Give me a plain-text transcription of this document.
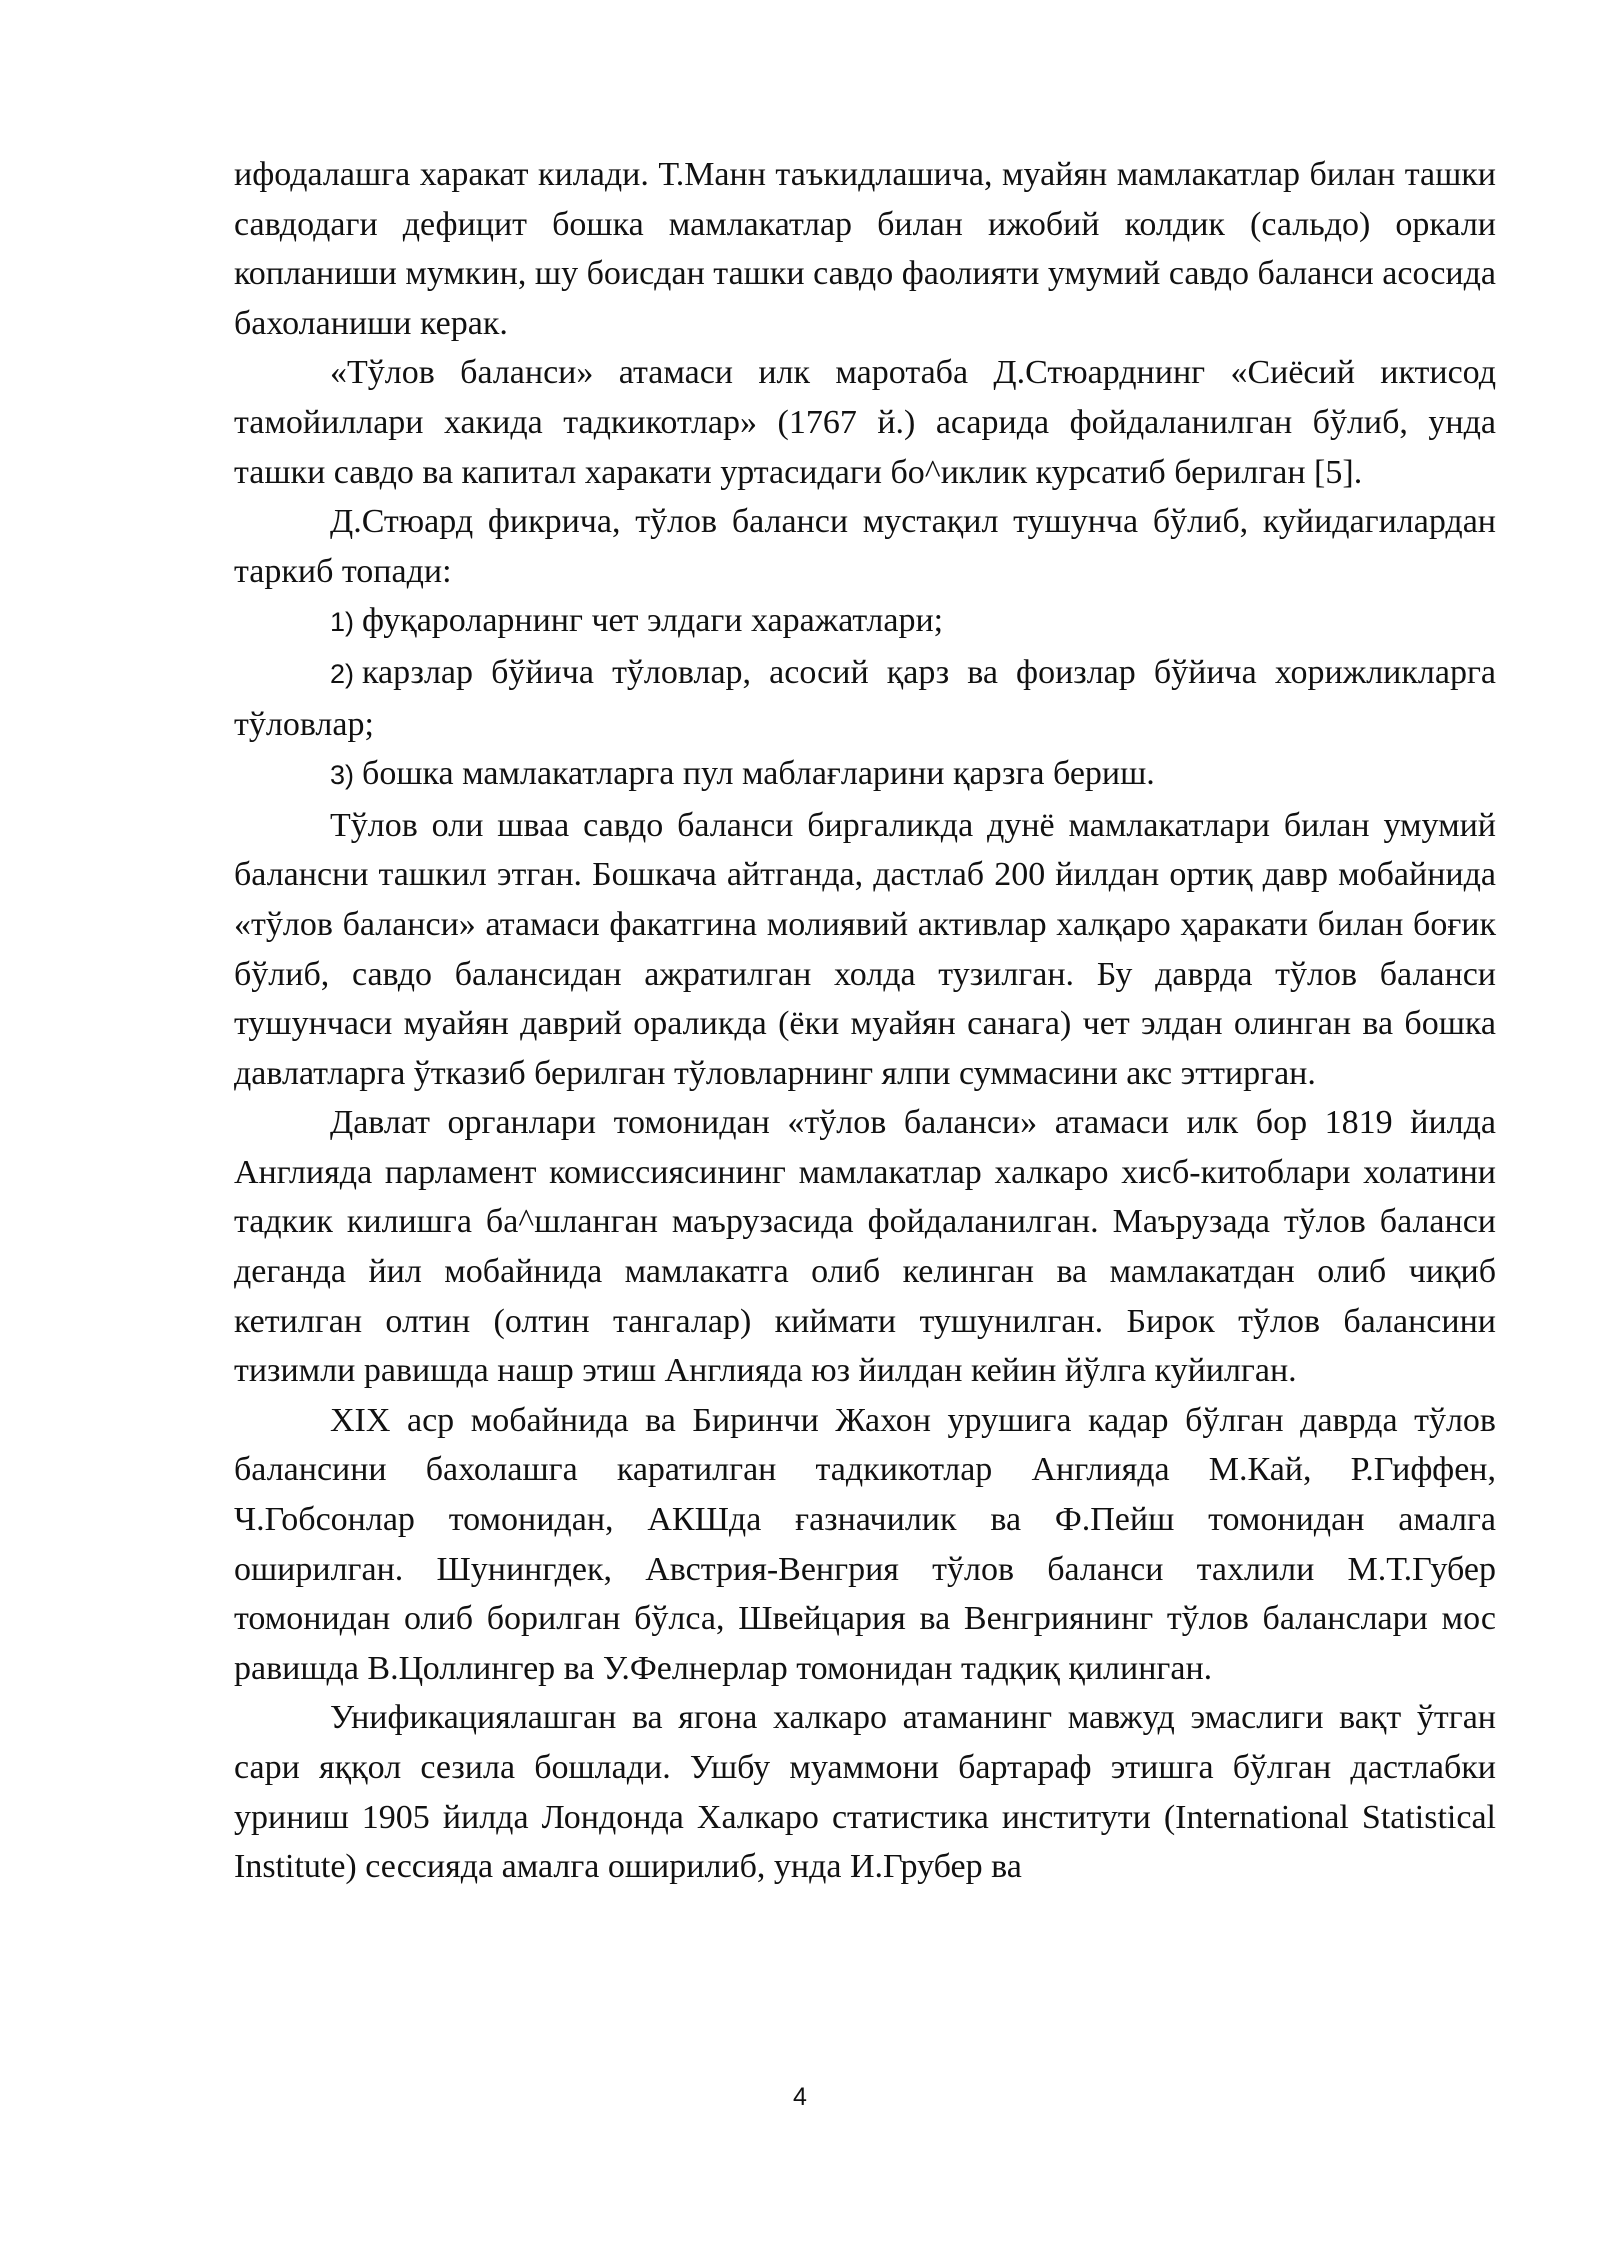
ифодалашга харакат килади. Т.Манн таъкидлашича, муайян мамлакатлар билан ташки савдодаги дефицит бошка мамлакатлар билан ижобий колдик (сальдо) оркали копланиши мумкин, шу боисдан ташки савдо фаолияти умумий савдо баланси асосида бахоланиши керак.

«Тўлов баланси» атамаси илк маротаба Д.Стюарднинг «Сиёсий иктисод тамойиллари хакида тадкикотлар» (1767 й.) асарида фойдаланилган бўлиб, унда ташки савдо ва капитал харакати уртасидаги бо^иклик курсатиб берилган [5].

Д.Стюард фикрича, тўлов баланси мустақил тушунча бўлиб, куйидагилардан таркиб топади:

1) фуқароларнинг чет элдаги харажатлари;

2) карзлар бўйича тўловлар, асосий қарз ва фоизлар бўйича хорижликларга тўловлар;

3) бошка мамлакатларга пул маблағларини қарзга бериш.

Тўлов оли шваа савдо баланси биргаликда дунё мамлакатлари билан умумий балансни ташкил этган. Бошкача айтганда, дастлаб 200 йилдан ортиқ давр мобайнида «тўлов баланси» атамаси факатгина молиявий активлар халқаро ҳаракати билан боғик бўлиб, савдо балансидан ажратилган холда тузилган. Бу даврда тўлов баланси тушунчаси муайян даврий ораликда (ёки муайян санага) чет элдан олинган ва бошка давлатларга ўтказиб берилган тўловларнинг ялпи суммасини акс эттирган.

Давлат органлари томонидан «тўлов баланси» атамаси илк бор 1819 йилда Англияда парламент комиссиясининг мамлакатлар халкаро хисб-китоблари холатини тадкик килишга ба^шланган маърузасида фойдаланилган. Маърузада тўлов баланси деганда йил мобайнида мамлакатга олиб келинган ва мамлакатдан олиб чиқиб кетилган олтин (олтин тангалар) киймати тушунилган. Бирок тўлов балансини тизимли равишда нашр этиш Англияда юз йилдан кейин йўлга куйилган.

XIX аср мобайнида ва Биринчи Жахон урушига кадар бўлган даврда тўлов балансини бахолашга каратилган тадкикотлар Англияда М.Кай, Р.Гиффен, Ч.Гобсонлар томонидан, АКШда ғазначилик ва Ф.Пейш томонидан амалга оширилган. Шунингдек, Австрия-Венгрия тўлов баланси тахлили М.Т.Губер томонидан олиб борилган бўлса, Швейцария ва Венгриянинг тўлов баланслари мос равишда В.Цоллингер ва У.Фелнерлар томонидан тадқиқ қилинган.

Унификациялашган ва ягона халкаро атаманинг мавжуд эмаслиги вақт ўтган сари яққол сезила бошлади. Ушбу муаммони бартараф этишга бўлган дастлабки уриниш 1905 йилда Лондонда Халкаро статистика институти (International Statistical Institute) сессияда амалга оширилиб, унда И.Грубер ва

4
